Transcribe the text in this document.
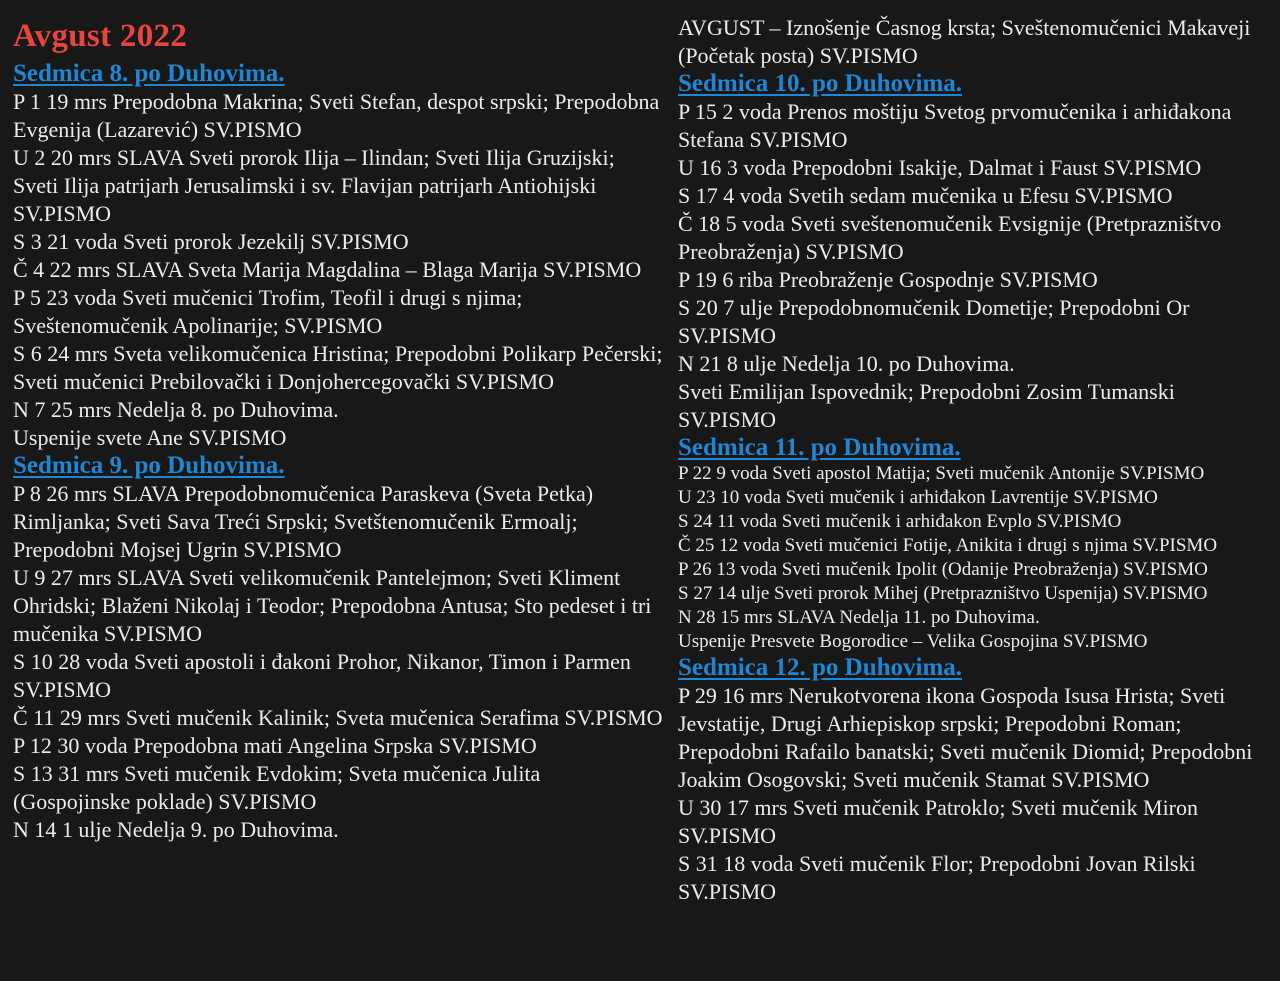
Avgust 2022
Sedmica 8. po Duhovima.
P 1 19 mrs Prepodobna Makrina; Sveti Stefan, despot srpski; Prepodobna Evgenija (Lazarević) SV.PISMO
U 2 20 mrs SLAVA Sveti prorok Ilija – Ilindan; Sveti Ilija Gruzijski; Sveti Ilija patrijarh Jerusalimski i sv. Flavijan patrijarh Antiohijski SV.PISMO
S 3 21 voda Sveti prorok Jezekilj SV.PISMO
Č 4 22 mrs SLAVA Sveta Marija Magdalina – Blaga Marija SV.PISMO
P 5 23 voda Sveti mučenici Trofim, Teofil i drugi s njima; Sveštenomučenik Apolinarije; SV.PISMO
S 6 24 mrs Sveta velikomučenica Hristina; Prepodobni Polikarp Pečerski; Sveti mučenici Prebilovački i Donjohercegovački SV.PISMO
N 7 25 mrs Nedelja 8. po Duhovima.
Uspenije svete Ane SV.PISMO
Sedmica 9. po Duhovima.
P 8 26 mrs SLAVA Prepodobnomučenica Paraskeva (Sveta Petka) Rimljanka; Sveti Sava Treći Srpski; Svetštenomučenik Ermoalj; Prepodobni Mojsej Ugrin SV.PISMO
U 9 27 mrs SLAVA Sveti velikomučenik Pantelejmon; Sveti Kliment Ohridski; Blaženi Nikolaj i Teodor; Prepodobna Antusa; Sto pedeset i tri mučenika SV.PISMO
S 10 28 voda Sveti apostoli i đakoni Prohor, Nikanor, Timon i Parmen SV.PISMO
Č 11 29 mrs Sveti mučenik Kalinik; Sveta mučenica Serafima SV.PISMO
P 12 30 voda Prepodobna mati Angelina Srpska SV.PISMO
S 13 31 mrs Sveti mučenik Evdokim; Sveta mučenica Julita (Gospojinske poklade) SV.PISMO
N 14 1 ulje Nedelja 9. po Duhovima.
AVGUST – Iznošenje Časnog krsta; Sveštenomučenici Makaveji (Početak posta) SV.PISMO
Sedmica 10. po Duhovima.
P 15 2 voda Prenos moštiju Svetog prvomučenika i arhiđakona Stefana SV.PISMO
U 16 3 voda Prepodobni Isakije, Dalmat i Faust SV.PISMO
S 17 4 voda Svetih sedam mučenika u Efesu SV.PISMO
Č 18 5 voda Sveti sveštenomučenik Evsignije (Pretprazništvo Preobraženja) SV.PISMO
P 19 6 riba Preobraženje Gospodnje SV.PISMO
S 20 7 ulje Prepodobnomučenik Dometije; Prepodobni Or SV.PISMO
N 21 8 ulje Nedelja 10. po Duhovima.
Sveti Emilijan Ispovednik; Prepodobni Zosim Tumanski SV.PISMO
Sedmica 11. po Duhovima.
P 22 9 voda Sveti apostol Matija; Sveti mučenik Antonije SV.PISMO
U 23 10 voda Sveti mučenik i arhiđakon Lavrentije SV.PISMO
S 24 11 voda Sveti mučenik i arhiđakon Evplo SV.PISMO
Č 25 12 voda Sveti mučenici Fotije, Anikita i drugi s njima SV.PISMO
P 26 13 voda Sveti mučenik Ipolit (Odanije Preobraženja) SV.PISMO
S 27 14 ulje Sveti prorok Mihej (Pretprazništvo Uspenija) SV.PISMO
N 28 15 mrs SLAVA Nedelja 11. po Duhovima.
Uspenije Presvete Bogorodice – Velika Gospojina SV.PISMO
Sedmica 12. po Duhovima.
P 29 16 mrs Nerukotvorena ikona Gospoda Isusa Hrista; Sveti Jevstatije, Drugi Arhiepiskop srpski; Prepodobni Roman; Prepodobni Rafailo banatski; Sveti mučenik Diomid; Prepodobni Joakim Osogovski; Sveti mučenik Stamat SV.PISMO
U 30 17 mrs Sveti mučenik Patroklo; Sveti mučenik Miron SV.PISMO
S 31 18 voda Sveti mučenik Flor; Prepodobni Jovan Rilski SV.PISMO
